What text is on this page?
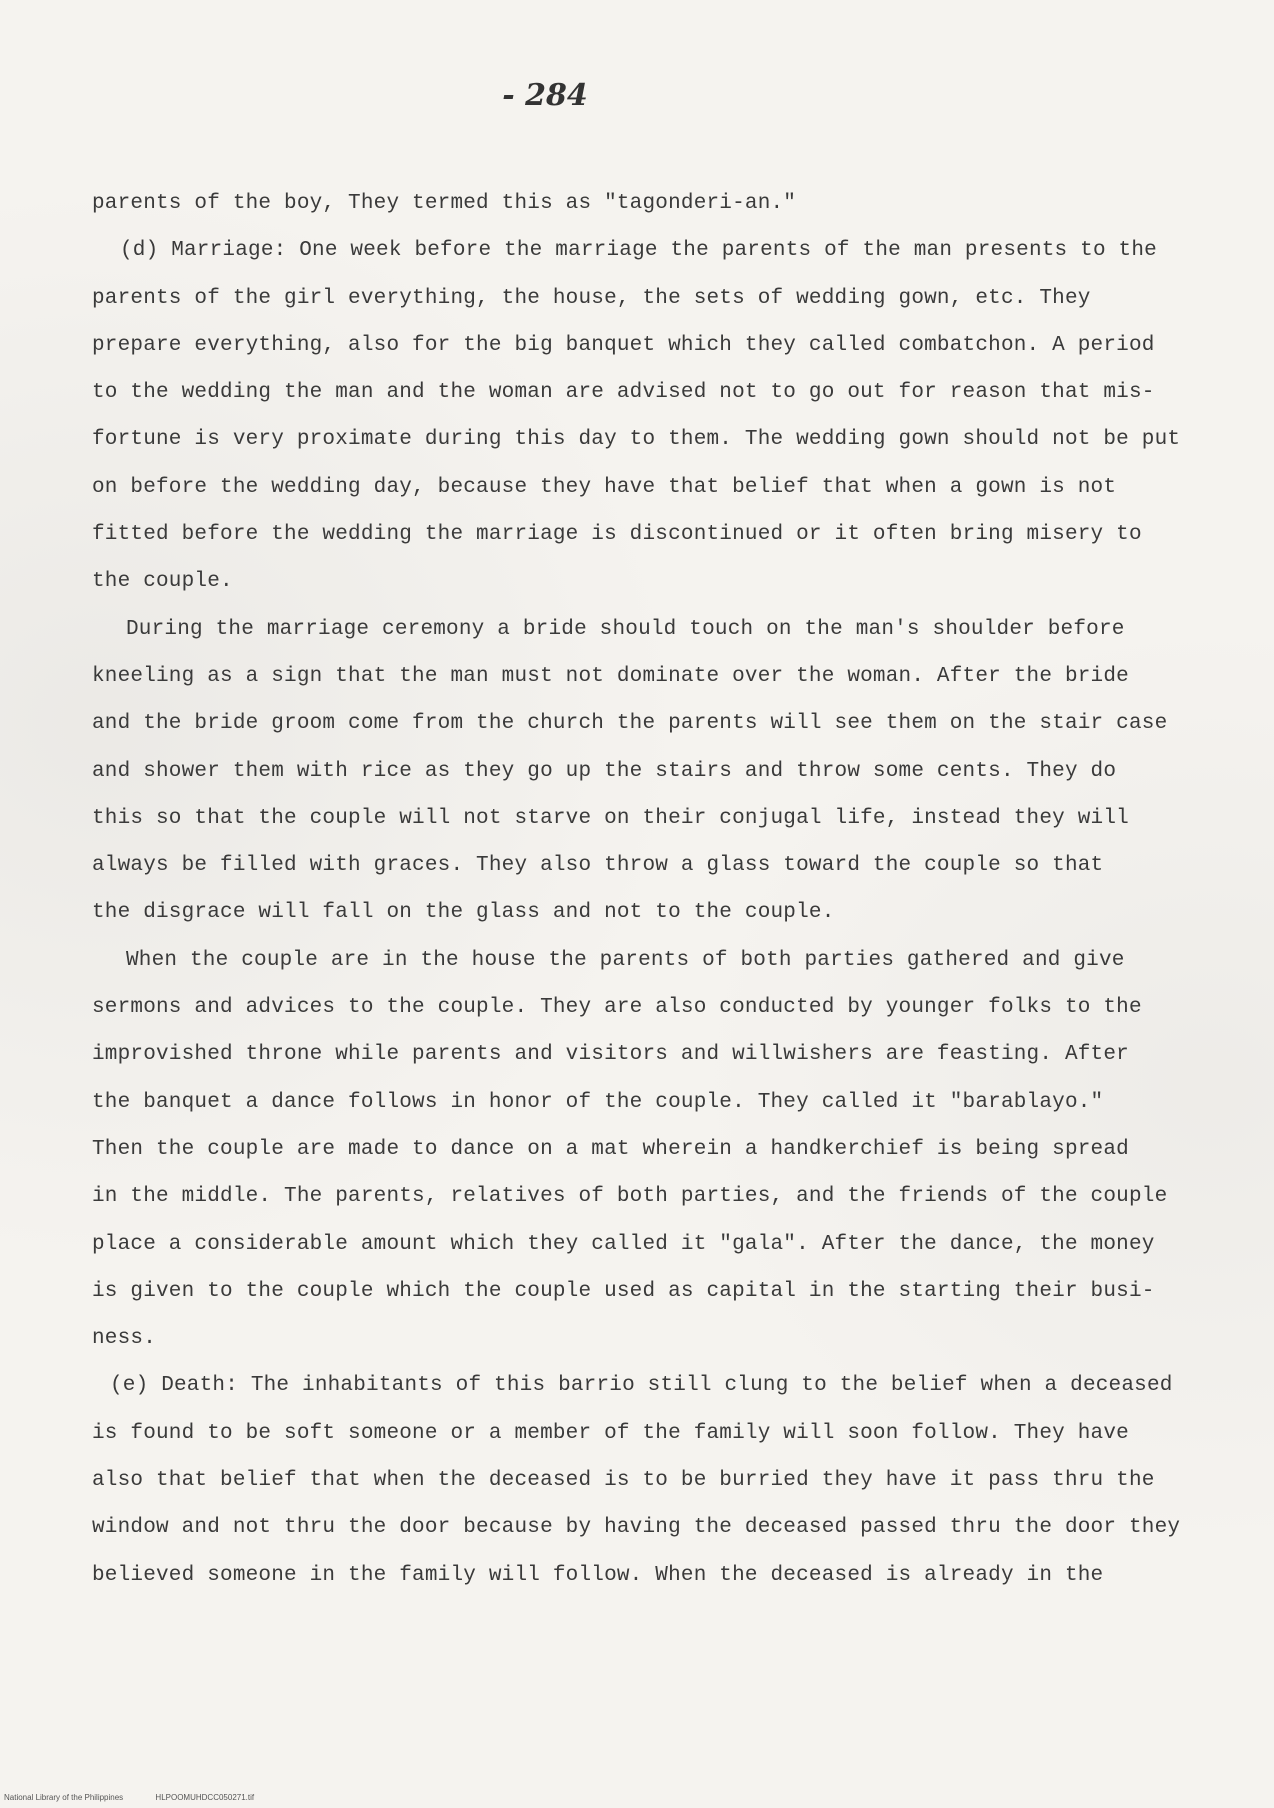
- 284
parents of the boy, They termed this as "tagonderi-an."
(d) Marriage: One week before the marriage the parents of the man presents to the
parents of the girl everything, the house, the sets of wedding gown, etc. They
prepare everything, also for the big banquet which they called combatchon. A period
to the wedding the man and the woman are advised not to go out for reason that mis-
fortune is very proximate during this day to them. The wedding gown should not be put
on before the wedding day, because they have that belief that when a gown is not
fitted before the wedding the marriage is discontinued or it often bring misery to
the couple.
During the marriage ceremony a bride should touch on the man's shoulder before
kneeling as a sign that the man must not dominate over the woman. After the bride
and the bride groom come from the church the parents will see them on the stair case
and shower them with rice as they go up the stairs and throw some cents. They do
this so that the couple will not starve on their conjugal life, instead they will
always be filled with graces. They also throw a glass toward the couple so that
the disgrace will fall on the glass and not to the couple.
When the couple are in the house the parents of both parties gathered and give
sermons and advices to the couple. They are also conducted by younger folks to the
improvished throne while parents and visitors and willwishers are feasting. After
the banquet a dance follows in honor of the couple. They called it "barablayo."
Then the couple are made to dance on a mat wherein a handkerchief is being spread
in the middle. The parents, relatives of both parties, and the friends of the couple
place a considerable amount which they called it "gala". After the dance, the money
is given to the couple which the couple used as capital in the starting their busi-
ness.
(e) Death: The inhabitants of this barrio still clung to the belief when a deceased
is found to be soft someone or a member of the family will soon follow. They have
also that belief that when the deceased is to be burried they have it pass thru the
window and not thru the door because by having the deceased passed thru the door they
believed someone in the family will follow. When the deceased is already in the
National Library of the Philippines	HLPOOMUHDCC050271.tif
